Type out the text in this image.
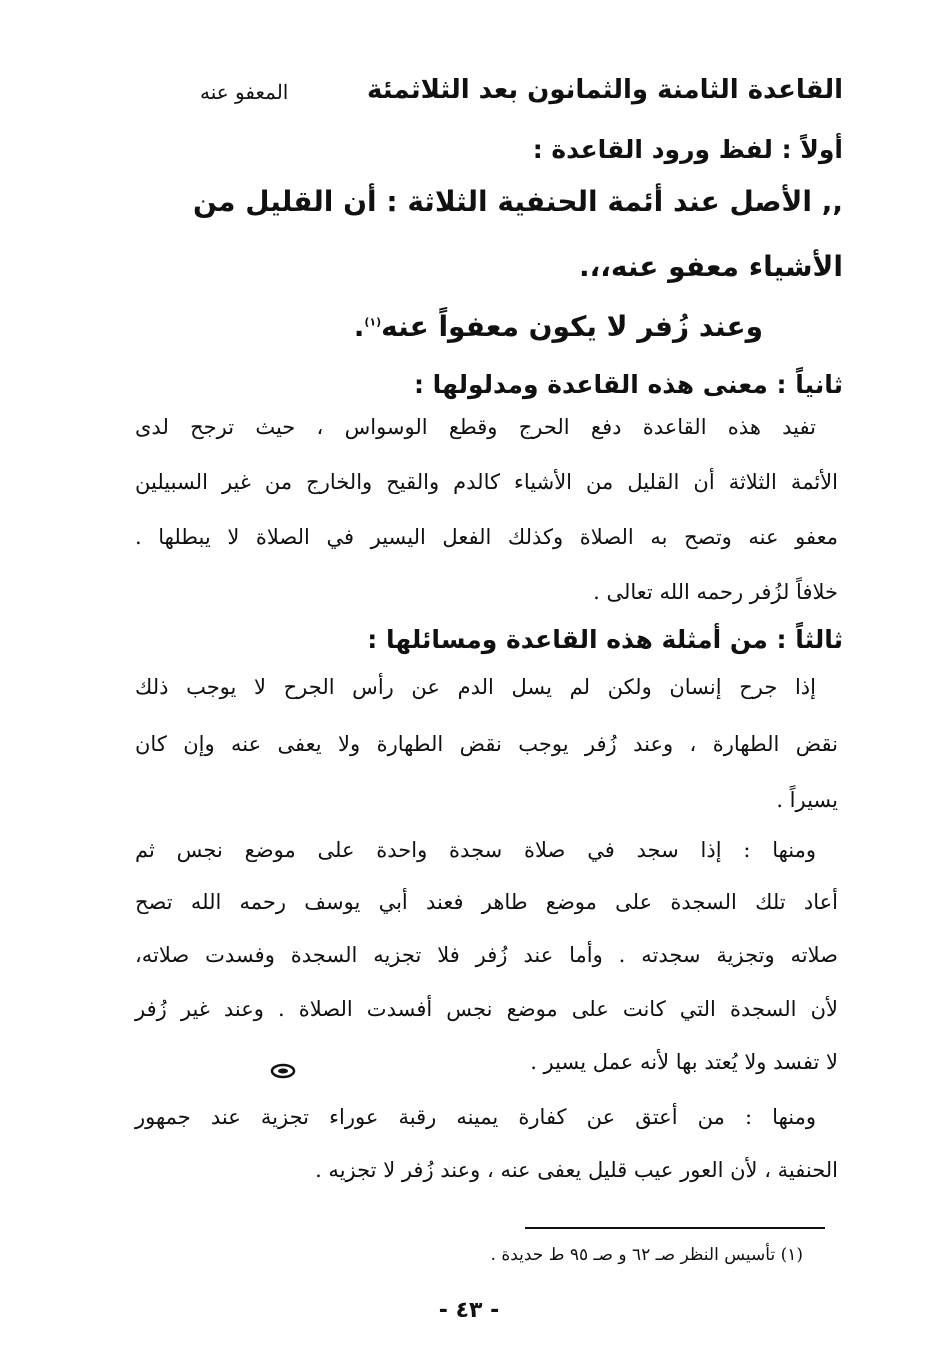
القاعدة الثامنة والثمانون بعد الثلاثمئة
المعفو عنه
أولاً : لفظ ورود القاعدة :
,, الأصل عند أئمة الحنفية الثلاثة : أن القليل من
الأشياء معفو عنه،،.
وعند زُفر لا يكون معفواً عنه$^{(١)}$.
ثانياً : معنى هذه القاعدة ومدلولها :
تفيد هذه القاعدة دفع الحرج وقطع الوسواس ، حيث ترجح لدى
الأئمة الثلاثة أن القليل من الأشياء كالدم والقيح والخارج من غير السبيلين
معفو عنه وتصح به الصلاة وكذلك الفعل اليسير في الصلاة لا يبطلها .
خلافاً لزُفر رحمه الله تعالى .
ثالثاً : من أمثلة هذه القاعدة ومسائلها :
إذا جرح إنسان ولكن لم يسل الدم عن رأس الجرح لا يوجب ذلك
نقض الطهارة ، وعند زُفر يوجب نقض الطهارة ولا يعفى عنه وإن كان
يسيراً .
ومنها : إذا سجد في صلاة سجدة واحدة على موضع نجس ثم
أعاد تلك السجدة على موضع طاهر فعند أبي يوسف رحمه الله تصح
صلاته وتجزية سجدته . وأما عند زُفر فلا تجزيه السجدة وفسدت صلاته،
لأن السجدة التي كانت على موضع نجس أفسدت الصلاة . وعند غير زُفر
لا تفسد ولا يُعتد بها لأنه عمل يسير .
ومنها : من أعتق عن كفارة يمينه رقبة عوراء تجزية عند جمهور
الحنفية ، لأن العور عيب قليل يعفى عنه ، وعند زُفر لا تجزيه .
(١) تأسيس النظر صـ ٦٢ و صـ ٩٥ ط حديدة .
- ٤٣ -
